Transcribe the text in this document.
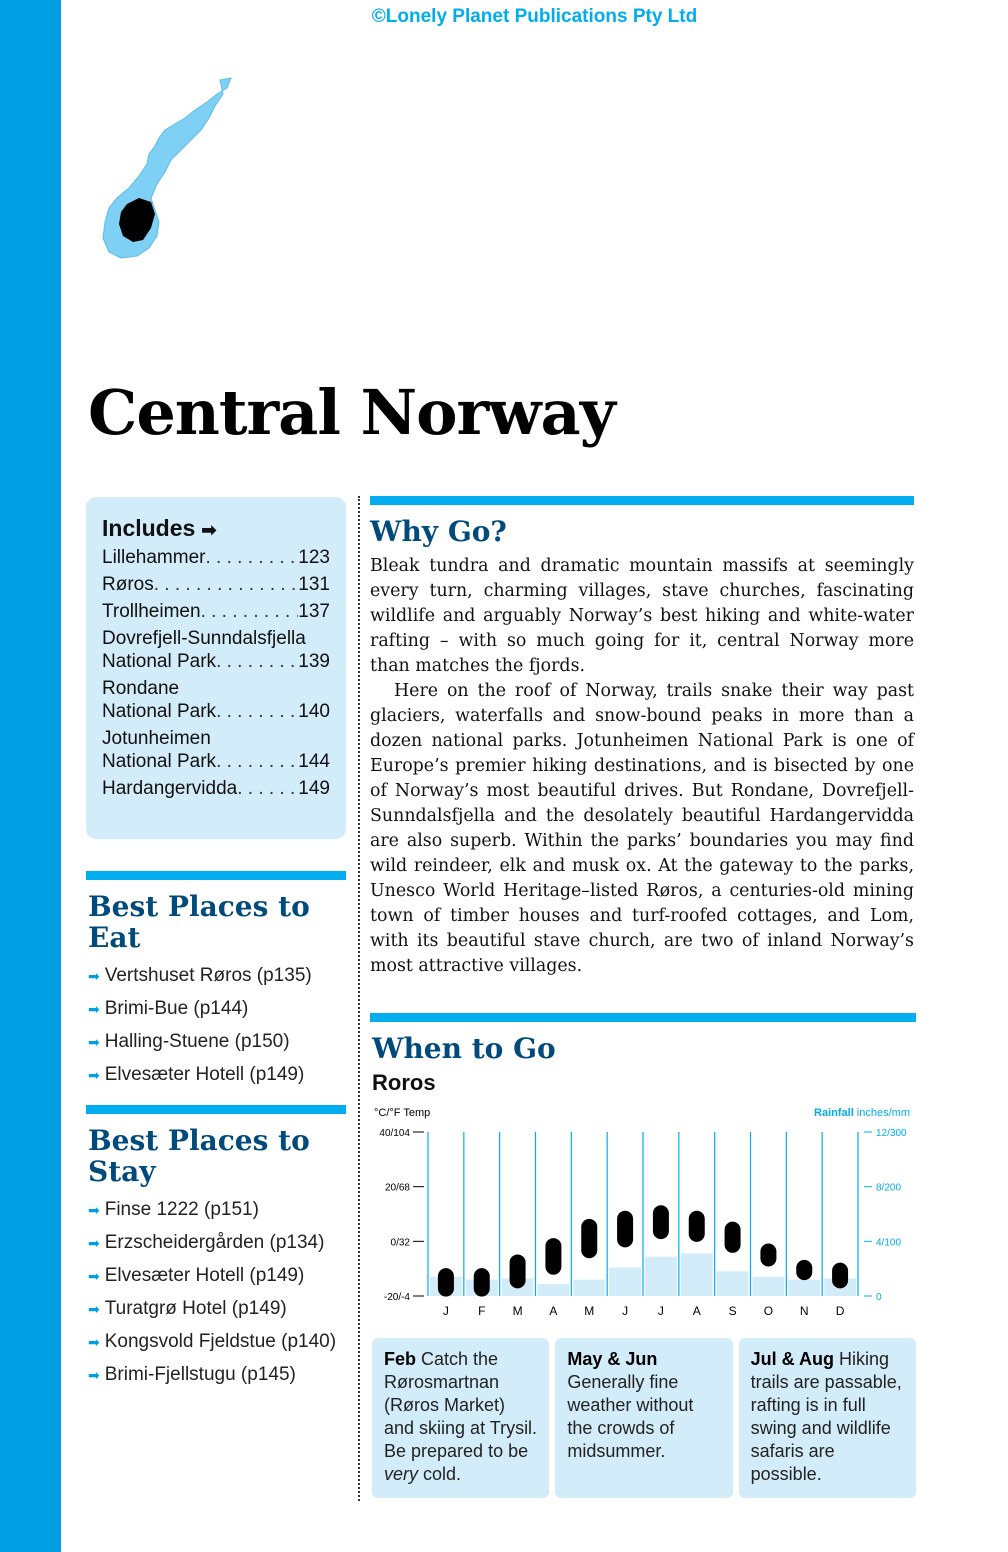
©Lonely Planet Publications Pty Ltd
Central Norway
Includes ➡
Lillehammer . . .	123
Røros . . .	131
Trollheimen . . .	137
Dovrefjell-Sunndalsfjella
National Park . . .	139
Rondane
National Park . . .	140
Jotunheimen
National Park . . .	144
Hardangervidda . . .	149
Best Places to Eat
➡ Vertshuset Røros (p135)
➡ Brimi-Bue (p144)
➡ Halling-Stuene (p150)
➡ Elvesæter Hotell (p149)
Best Places to Stay
➡ Finse 1222 (p151)
➡ Erzscheidergården (p134)
➡ Elvesæter Hotell (p149)
➡ Turatgrø Hotel (p149)
➡ Kongsvold Fjeldstue (p140)
➡ Brimi-Fjellstugu (p145)
Why Go?

Bleak tundra and dramatic mountain massifs at seemingly every turn, charming villages, stave churches, fascinating wildlife and arguably Norway’s best hiking and white-water rafting – with so much going for it, central Norway more than matches the fjords.

Here on the roof of Norway, trails snake their way past glaciers, waterfalls and snow-bound peaks in more than a dozen national parks. Jotunheimen National Park is one of Europe’s premier hiking destinations, and is bisected by one of Norway’s most beautiful drives. But Rondane, Dovrefjell-Sunndalsfjella and the desolately beautiful Hardangervidda are also superb. Within the parks’ boundaries you may find wild reindeer, elk and musk ox. At the gateway to the parks, Unesco World Heritage–listed Røros, a centuries-old mining town of timber houses and turf-roofed cottages, and Lom, with its beautiful stave church, are two of inland Norway’s most attractive villages.

When to Go
Roros
°C/°F Temp	Rainfall inches/mm
40/104
20/68
0/32
-20/-4
12/300
8/200
4/100
0
J F M A M J J A S O N D
Feb Catch the Rørosmartnan (Røros Market) and skiing at Trysil. Be prepared to be very cold.
May & Jun Generally fine weather without the crowds of midsummer.
Jul & Aug Hiking trails are passable, rafting is in full swing and wildlife safaris are possible.
